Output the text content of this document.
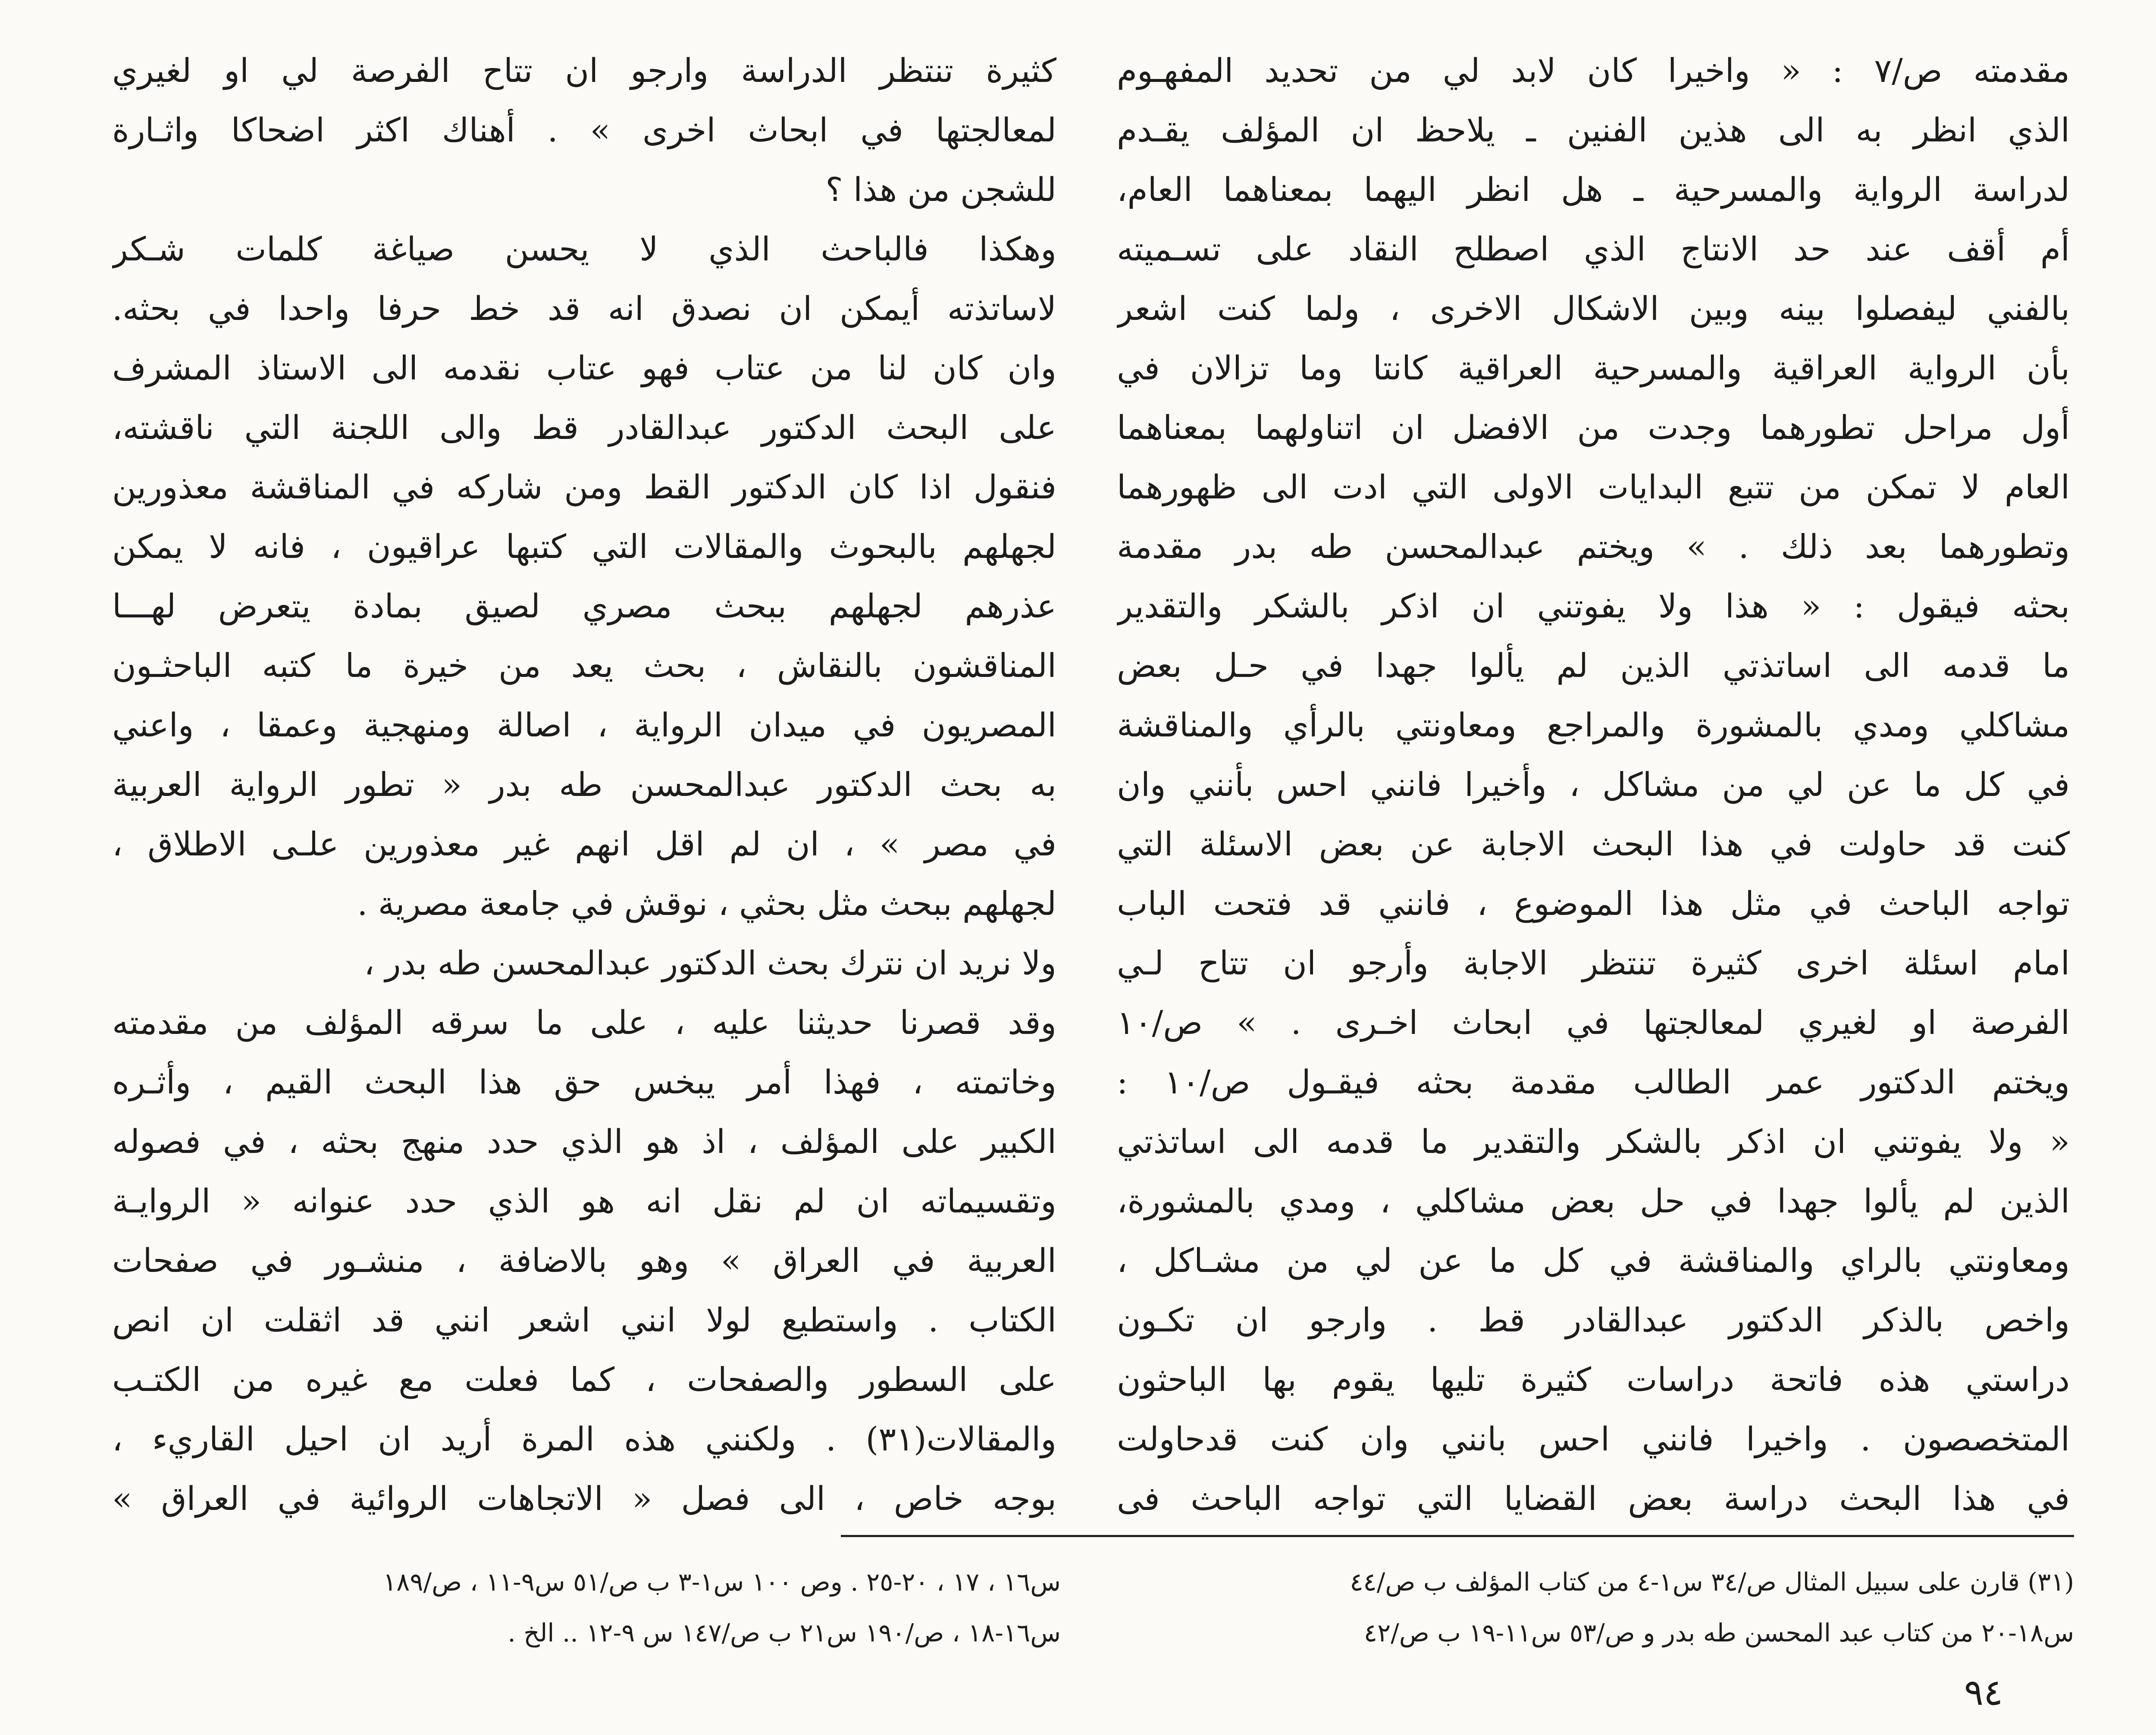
مقدمته ص/٧ : « واخيرا كان لابد لي من تحديد المفهـوم
الذي انظر به الى هذين الفنين ـ يلاحظ ان المؤلف يقـدم
لدراسة الرواية والمسرحية ـ هل انظر اليهما بمعناهما العام،
أم أقف عند حد الانتاج الذي اصطلح النقاد على تسـميته
بالفني ليفصلوا بينه وبين الاشكال الاخرى ، ولما كنت اشعر
بأن الرواية العراقية والمسرحية العراقية كانتا وما تزالان في
أول مراحل تطورهما وجدت من الافضل ان اتناولهما بمعناهما
العام لا تمكن من تتبع البدايات الاولى التي ادت الى ظهورهما
وتطورهما بعد ذلك . » ويختم عبدالمحسن طه بدر مقدمة
بحثه فيقول : « هذا ولا يفوتني ان اذكر بالشكر والتقدير
ما قدمه الى اساتذتي الذين لم يألوا جهدا في حـل بعض
مشاكلي ومدي بالمشورة والمراجع ومعاونتي بالرأي والمناقشة
في كل ما عن لي من مشاكل ، وأخيرا فانني احس بأنني وان
كنت قد حاولت في هذا البحث الاجابة عن بعض الاسئلة التي
تواجه الباحث في مثل هذا الموضوع ، فانني قد فتحت الباب
امام اسئلة اخرى كثيرة تنتظر الاجابة وأرجو ان تتاح لـي
الفرصة او لغيري لمعالجتها في ابحاث اخـرى . » ص/١٠
ويختم الدكتور عمر الطالب مقدمة بحثه فيقـول ص/١٠ :
« ولا يفوتني ان اذكر بالشكر والتقدير ما قدمه الى اساتذتي
الذين لم يألوا جهدا في حل بعض مشاكلي ، ومدي بالمشورة،
ومعاونتي بالراي والمناقشة في كل ما عن لي من مشـاكل ،
واخص بالذكر الدكتور عبدالقادر قط . وارجو ان تكـون
دراستي هذه فاتحة دراسات كثيرة تليها يقوم بها الباحثون
المتخصصون . واخيرا فانني احس بانني وان كنت قدحاولت
في هذا البحث دراسة بعض القضايا التي تواجه الباحث فى
كثيرة تنتظر الدراسة وارجو ان تتاح الفرصة لي او لغيري
لمعالجتها في ابحاث اخرى » . أهناك اكثر اضحاكا واثـارة
للشجن من هذا ؟
وهكذا فالباحث الذي لا يحسن صياغة كلمات شـكر
لاساتذته أيمكن ان نصدق انه قد خط حرفا واحدا في بحثه.
وان كان لنا من عتاب فهو عتاب نقدمه الى الاستاذ المشرف
على البحث الدكتور عبدالقادر قط والى اللجنة التي ناقشته،
فنقول اذا كان الدكتور القط ومن شاركه في المناقشة معذورين
لجهلهم بالبحوث والمقالات التي كتبها عراقيون ، فانه لا يمكن
عذرهم لجهلهم ببحث مصري لصيق بمادة يتعرض لهـــا
المناقشون بالنقاش ، بحث يعد من خيرة ما كتبه الباحثـون
المصريون في ميدان الرواية ، اصالة ومنهجية وعمقا ، واعني
به بحث الدكتور عبدالمحسن طه بدر « تطور الرواية العربية
في مصر » ، ان لم اقل انهم غير معذورين علـى الاطلاق ،
لجهلهم ببحث مثل بحثي ، نوقش في جامعة مصرية .
ولا نريد ان نترك بحث الدكتور عبدالمحسن طه بدر ،
وقد قصرنا حديثنا عليه ، على ما سرقه المؤلف من مقدمته
وخاتمته ، فهذا أمر يبخس حق هذا البحث القيم ، وأثـره
الكبير على المؤلف ، اذ هو الذي حدد منهج بحثه ، في فصوله
وتقسيماته ان لم نقل انه هو الذي حدد عنوانه « الروايـة
العربية في العراق » وهو بالاضافة ، منشـور في صفحات
الكتاب . واستطيع لولا انني اشعر انني قد اثقلت ان انص
على السطور والصفحات ، كما فعلت مع غيره من الكتـب
والمقالات(٣١) . ولكنني هذه المرة أريد ان احيل القاريء ،
بوجه خاص ، الى فصل « الاتجاهات الروائية في العراق »
(٣١) قارن على سبيل المثال ص/٣٤ س١-٤ من كتاب المؤلف ب ص/٤٤
س١٨-٢٠ من كتاب عبد المحسن طه بدر و ص/٥٣ س١١-١٩ ب ص/٤٢
س١٦ ، ١٧ ، ٢٠-٢٥ . وص ١٠٠ س١-٣ ب ص/٥١ س٩-١١ ، ص/١٨٩
س١٦-١٨ ، ص/١٩٠ س٢١ ب ص/١٤٧ س ٩-١٢ .. الخ .
٩٤
